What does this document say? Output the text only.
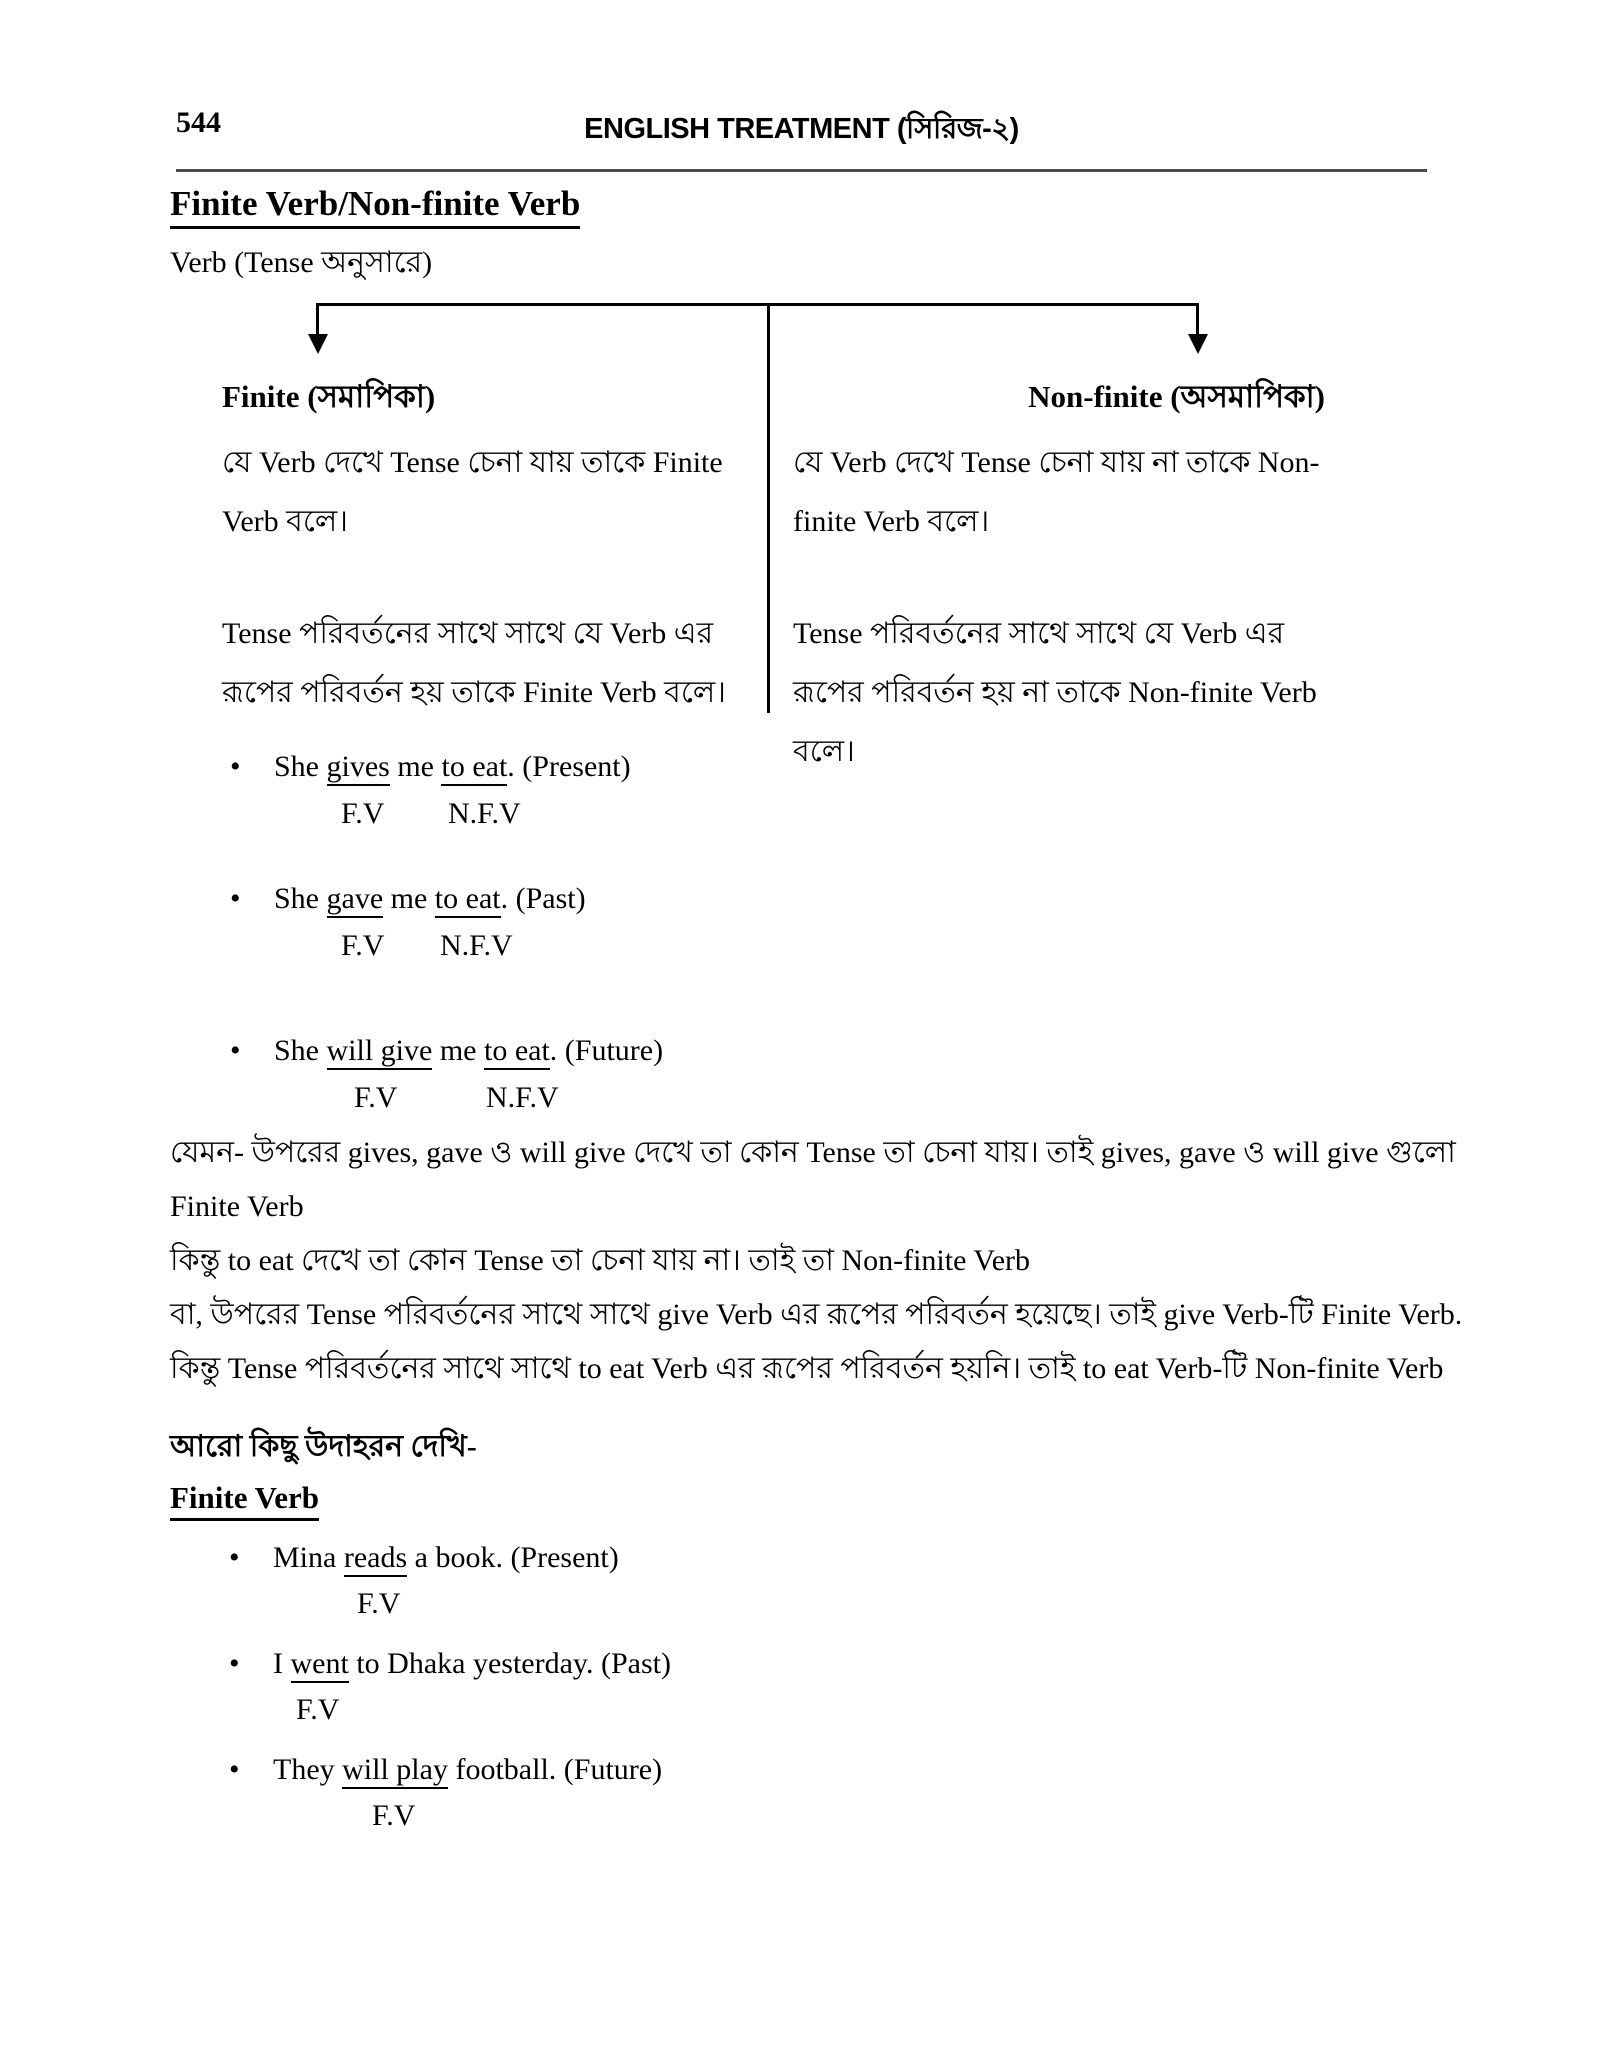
544	ENGLISH TREATMENT (সিরিজ-২)
Finite Verb/Non-finite Verb
Verb (Tense অনুসারে)
Finite (সমাপিকা)

যে Verb দেখে Tense চেনা যায় তাকে Finite Verb বলে।

Tense পরিবর্তনের সাথে সাথে যে Verb এর রূপের পরিবর্তন হয় তাকে Finite Verb বলে।

Non-finite (অসমাপিকা)

যে Verb দেখে Tense চেনা যায় না তাকে Non-finite Verb বলে।

Tense পরিবর্তনের সাথে সাথে যে Verb এর রূপের পরিবর্তন হয় না তাকে Non-finite Verb বলে।

• She gives me to eat. (Present)
F.V N.F.V
• She gave me to eat. (Past)
F.V N.F.V
• She will give me to eat. (Future)
F.V	N.F.V
যেমন- উপরের gives, gave ও will give দেখে তা কোন Tense তা চেনা যায়। তাই gives, gave ও will give গুলো
Finite Verb
কিন্তু to eat দেখে তা কোন Tense তা চেনা যায় না। তাই তা Non-finite Verb
বা, উপরের Tense পরিবর্তনের সাথে সাথে give Verb এর রূপের পরিবর্তন হয়েছে। তাই give Verb-টি Finite Verb.
কিন্তু Tense পরিবর্তনের সাথে সাথে to eat Verb এর রূপের পরিবর্তন হয়নি। তাই to eat Verb-টি Non-finite Verb
আরো কিছু উদাহরন দেখি-
Finite Verb
• Mina reads a book. (Present)
F.V
• I went to Dhaka yesterday. (Past)
F.V
• They will play football. (Future)
F.V
